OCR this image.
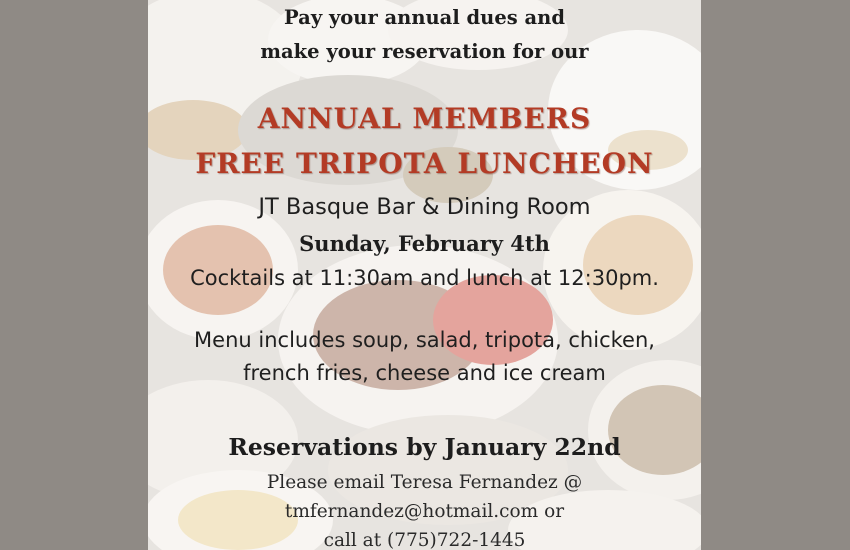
Pay your annual dues and
make your reservation for our
ANNUAL MEMBERS
FREE TRIPOTA LUNCHEON
JT Basque Bar & Dining Room
Sunday, February 4th
Cocktails at 11:30am and lunch at 12:30pm.
Menu includes soup, salad, tripota, chicken,
french fries, cheese and ice cream
Reservations by January 22nd
Please email Teresa Fernandez @
tmfernandez@hotmail.com or
call at (775)722-1445
